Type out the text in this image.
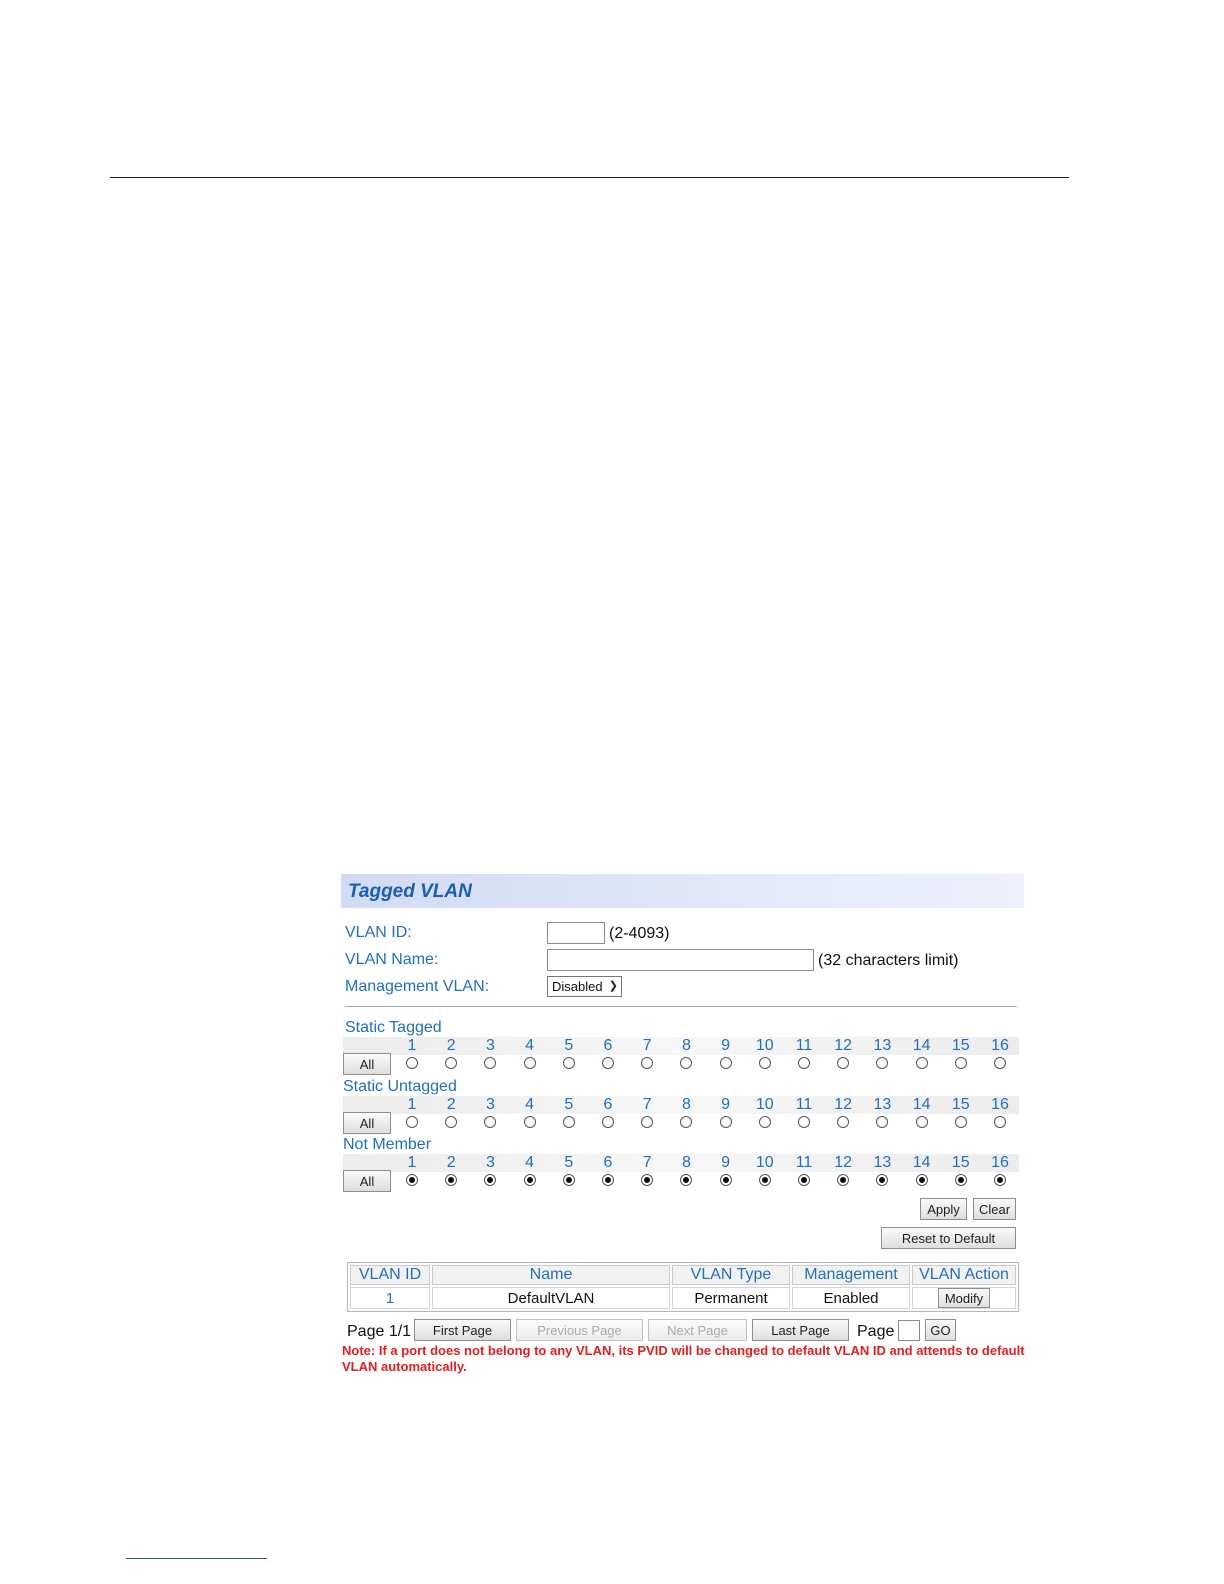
Tagged VLAN
VLAN ID:	(2-4093)
VLAN Name:	(32 characters limit)
Management VLAN:	Disabled ❯
Static Tagged
All
1	2	3	4	5	6	7	8	9	10	11	12	13	14	15	16
Static Untagged
All
1	2	3	4	5	6	7	8	9	10	11	12	13	14	15	16
Not Member
All
1	2	3	4	5	6	7	8	9	10	11	12	13	14	15	16
Apply	Clear
Reset to Default
VLAN ID	Name	VLAN Type	Management	VLAN Action
1	DefaultVLAN	Permanent	Enabled	Modify
Page 1/1	First Page	Previous Page	Next Page	Last Page	Page	GO
Note: If a port does not belong to any VLAN, its PVID will be changed to default VLAN ID and attends to default VLAN automatically.
